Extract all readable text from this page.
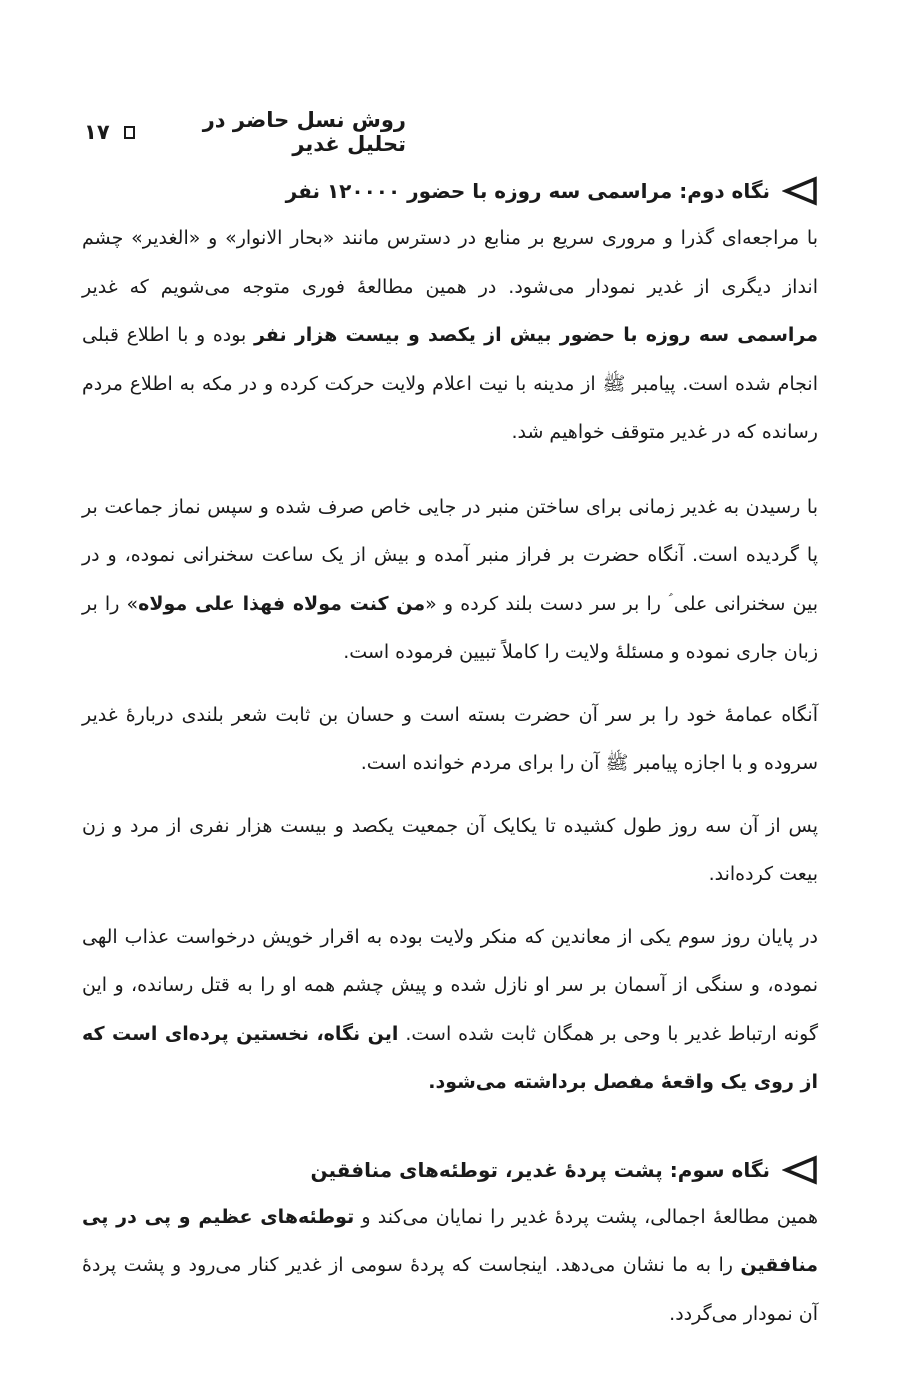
روش نسل حاضر در تحلیل غدیر
۱۷
نگاه دوم: مراسمی سه روزه با حضور ۱۲۰۰۰۰ نفر

با مراجعه‌ای گذرا و مروری سریع بر منابع در دسترس مانند «بحار الانوار» و «الغدیر» چشم انداز دیگری از غدیر نمودار می‌شود. در همین مطالعۀ فوری متوجه می‌شویم که غدیر مراسمی سه روزه با حضور بیش از یکصد و بیست هزار نفر بوده و با اطلاع قبلی انجام شده است. پیامبر ﷺ از مدینه با نیت اعلام ولایت حرکت کرده و در مکه به اطلاع مردم رسانده که در غدیر متوقف خواهیم شد.

با رسیدن به غدیر زمانی برای ساختن منبر در جایی خاص صرف شده و سپس نماز جماعت بر پا گردیده است. آنگاه حضرت بر فراز منبر آمده و بیش از یک ساعت سخنرانی نموده، و در بین سخنرانی علی ؑ را بر سر دست بلند کرده و «من کنت مولاه فهذا علی مولاه» را بر زبان جاری نموده و مسئلۀ ولایت را کاملاً تبیین فرموده است.

آنگاه عمامۀ خود را بر سر آن حضرت بسته است و حسان بن ثابت شعر بلندی دربارۀ غدیر سروده و با اجازه پیامبر ﷺ آن را برای مردم خوانده است.

پس از آن سه روز طول کشیده تا یکایک آن جمعیت یکصد و بیست هزار نفری از مرد و زن بیعت کرده‌اند.

در پایان روز سوم یکی از معاندین که منکر ولایت بوده به اقرار خویش درخواست عذاب الهی نموده، و سنگی از آسمان بر سر او نازل شده و پیش چشم همه او را به قتل رسانده، و این گونه ارتباط غدیر با وحی بر همگان ثابت شده است. این نگاه، نخستین پرده‌ای است که از روی یک واقعۀ مفصل برداشته می‌شود.

نگاه سوم: پشت پردۀ غدیر، توطئه‌های منافقین

همین مطالعۀ اجمالی، پشت پردۀ غدیر را نمایان می‌کند و توطئه‌های عظیم و پی در پی منافقین را به ما نشان می‌دهد. اینجاست که پردۀ سومی از غدیر کنار می‌رود و پشت پردۀ آن نمودار می‌گردد.
